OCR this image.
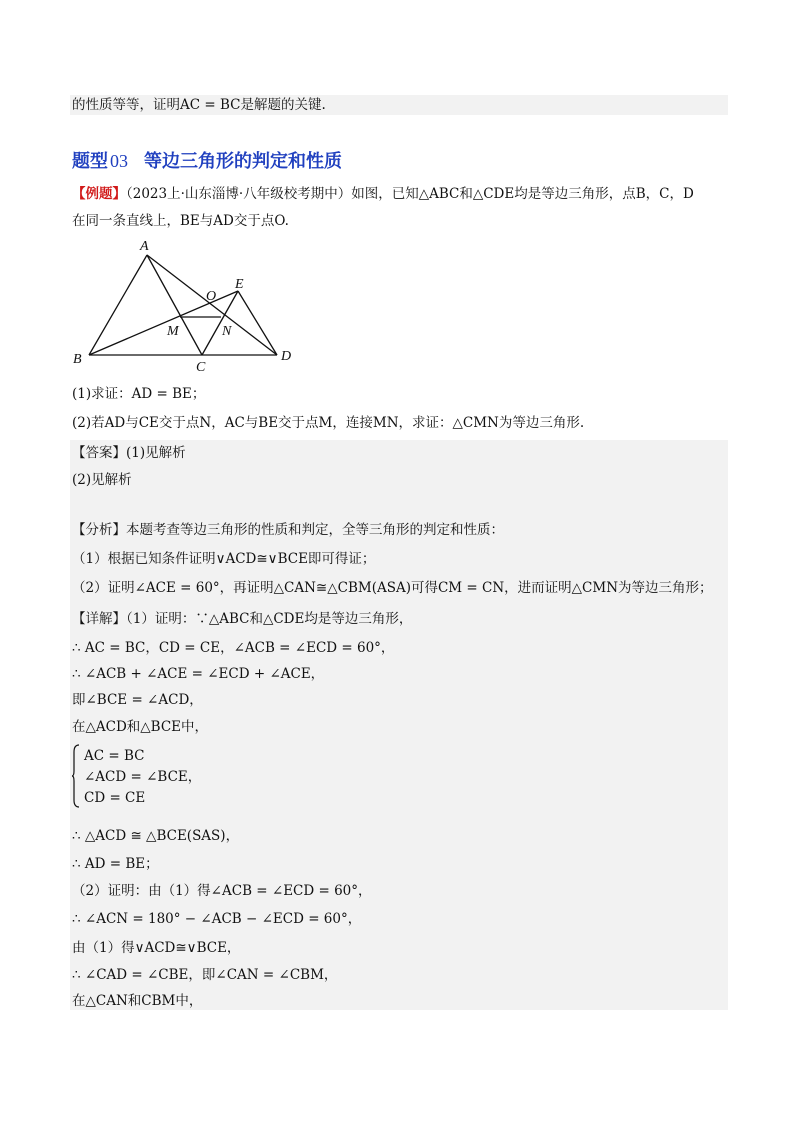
的性质等等，证明AC = BC是解题的关键.
题型 03 等边三角形的判定和性质
【例题】（2023上·山东淄博·八年级校考期中）如图，已知△ABC和△CDE均是等边三角形，点B，C，D
在同一条直线上，BE与AD交于点O.
A
B
C
D
E
O
M	N
(1)求证：AD = BE；
(2)若AD与CE交于点N，AC与BE交于点M，连接MN，求证：△CMN为等边三角形.
【答案】(1)见解析
(2)见解析
【分析】本题考查等边三角形的性质和判定，全等三角形的判定和性质：
（1）根据已知条件证明∨ACD≅∨BCE即可得证；
（2）证明∠ACE = 60°，再证明△CAN≅△CBM(ASA)可得CM = CN，进而证明△CMN为等边三角形；
【详解】（1）证明：∵△ABC和△CDE均是等边三角形，
∴ AC = BC，CD = CE，∠ACB = ∠ECD = 60°，
∴ ∠ACB + ∠ACE = ∠ECD + ∠ACE，
即∠BCE = ∠ACD，
在△ACD和△BCE中，
AC = BC
∠ACD = ∠BCE，
CD = CE
∴ △ACD ≅ △BCE(SAS)，
∴ AD = BE；
（2）证明：由（1）得∠ACB = ∠ECD = 60°，
∴ ∠ACN = 180° − ∠ACB − ∠ECD = 60°，
由（1）得∨ACD≅∨BCE，
∴ ∠CAD = ∠CBE，即∠CAN = ∠CBM，
在△CAN和CBM中，
